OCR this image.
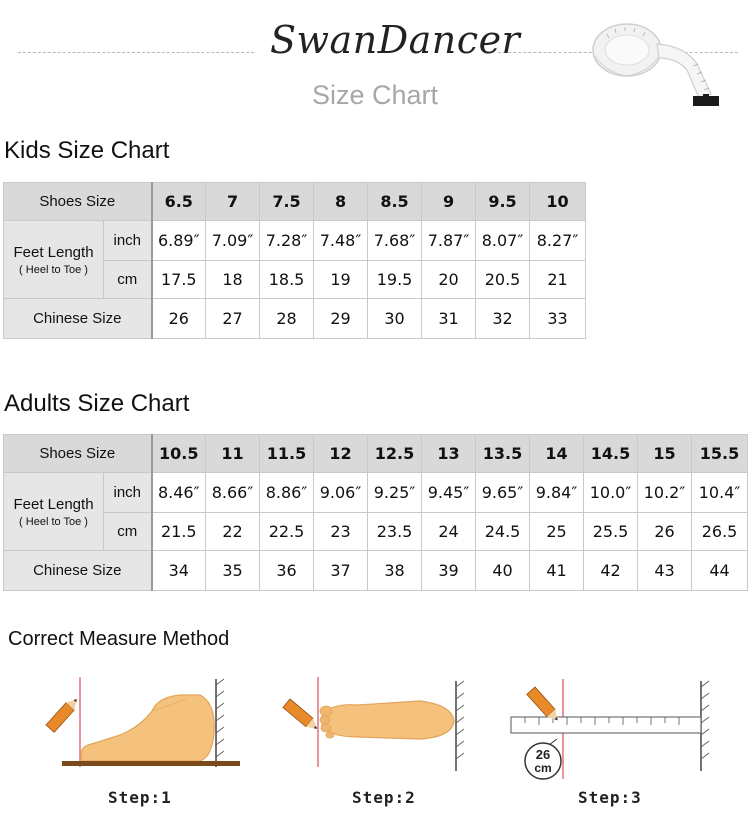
SwanDancer
Size Chart
Kids Size Chart
Shoes Size		6.5	7	7.5	8	8.5	9	9.5	10

Feet Length
( Heel to Toe )	inch	6.89″	7.09″	7.28″	7.48″	7.68″	7.87″	8.07″	8.27″
	cm	17.5	18	18.5	19	19.5	20	20.5	21
Chinese Size		26	27	28	29	30	31	32	33
Adults Size Chart
Shoes Size		10.5	11	11.5	12	12.5	13	13.5	14	14.5	15	15.5

Feet Length
( Heel to Toe )	inch	8.46″	8.66″	8.86″	9.06″	9.25″	9.45″	9.65″	9.84″	10.0″	10.2″	10.4″
	cm	21.5	22	22.5	23	23.5	24	24.5	25	25.5	26	26.5
Chinese Size		34	35	36	37	38	39	40	41	42	43	44
Correct Measure Method
26
cm
Step:1	Step:2	Step:3
